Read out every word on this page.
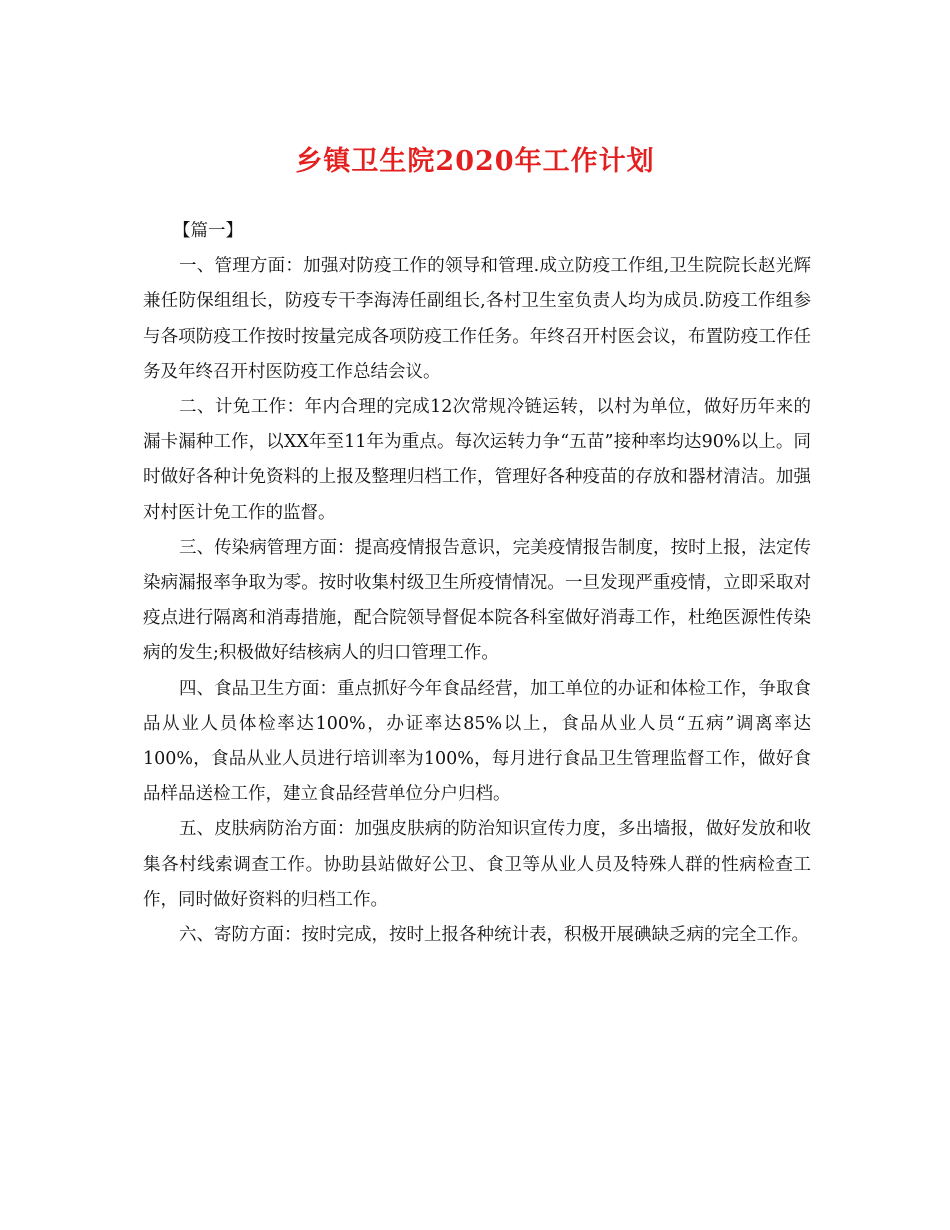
乡镇卫生院2020年工作计划

【篇一】

一、管理方面：加强对防疫工作的领导和管理.成立防疫工作组,卫生院院长赵光辉兼任防保组组长，防疫专干李海涛任副组长,各村卫生室负责人均为成员.防疫工作组参与各项防疫工作按时按量完成各项防疫工作任务。年终召开村医会议，布置防疫工作任务及年终召开村医防疫工作总结会议。

二、计免工作：年内合理的完成12次常规冷链运转，以村为单位，做好历年来的漏卡漏种工作，以XX年至11年为重点。每次运转力争“五苗”接种率均达90%以上。同时做好各种计免资料的上报及整理归档工作，管理好各种疫苗的存放和器材清洁。加强对村医计免工作的监督。

三、传染病管理方面：提高疫情报告意识，完美疫情报告制度，按时上报，法定传染病漏报率争取为零。按时收集村级卫生所疫情情况。一旦发现严重疫情，立即采取对疫点进行隔离和消毒措施，配合院领导督促本院各科室做好消毒工作，杜绝医源性传染病的发生;积极做好结核病人的归口管理工作。

四、食品卫生方面：重点抓好今年食品经营，加工单位的办证和体检工作，争取食品从业人员体检率达100%，办证率达85%以上，食品从业人员“五病”调离率达100%，食品从业人员进行培训率为100%，每月进行食品卫生管理监督工作，做好食品样品送检工作，建立食品经营单位分户归档。

五、皮肤病防治方面：加强皮肤病的防治知识宣传力度，多出墙报，做好发放和收集各村线索调查工作。协助县站做好公卫、食卫等从业人员及特殊人群的性病检查工作，同时做好资料的归档工作。

六、寄防方面：按时完成，按时上报各种统计表，积极开展碘缺乏病的完全工作。
